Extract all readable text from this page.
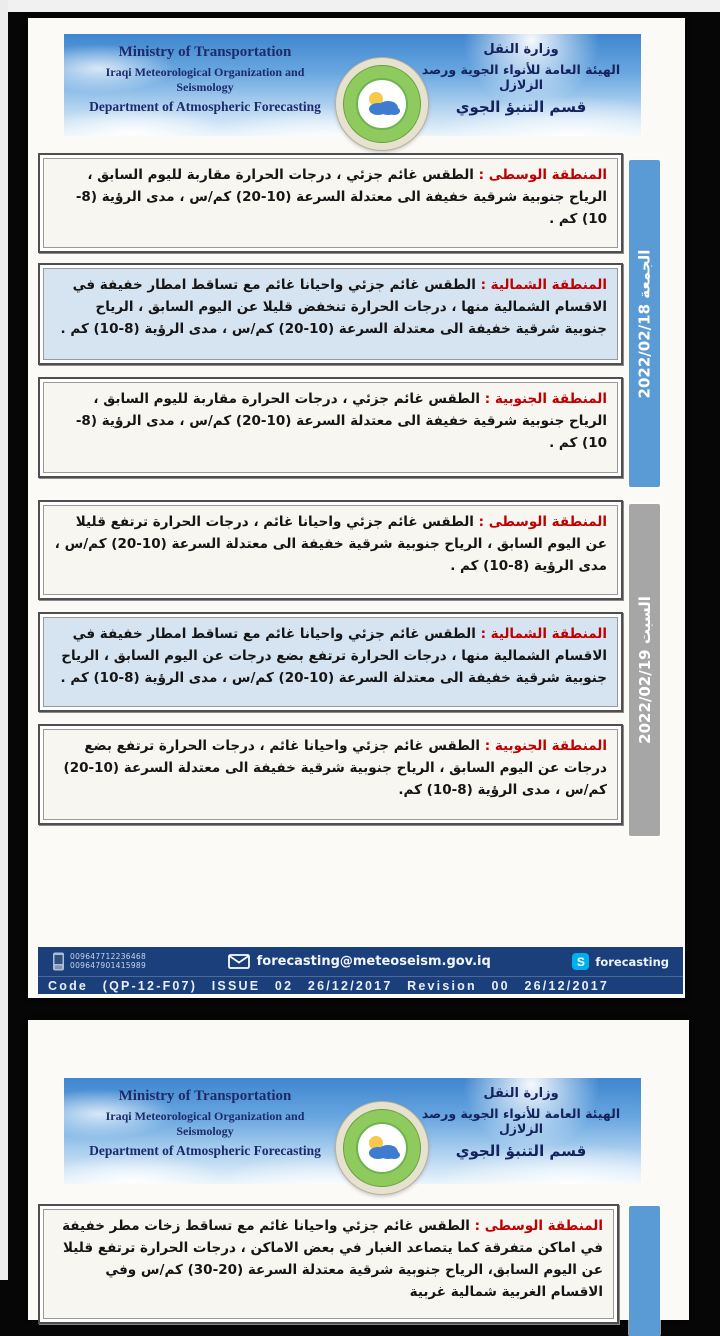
Ministry of Transportation
Iraqi Meteorological Organization and Seismology
Department of Atmospheric Forecasting
وزارة النقل
الهيئة العامة للأنواء الجوية ورصد الزلازل
قسم التنبؤ الجوي
المنطقة الوسطى : الطقس غائم جزئي ، درجات الحرارة مقاربة لليوم السابق ، الرياح جنوبية شرقية خفيفة الى معتدلة السرعة (10-20) كم/س ، مدى الرؤية (8-10) كم .
المنطقة الشمالية : الطقس غائم جزئي واحيانا غائم مع تساقط امطار خفيفة في الاقسام الشمالية منها ، درجات الحرارة تنخفض قليلا عن اليوم السابق ، الرياح جنوبية شرقية خفيفة الى معتدلة السرعة (10-20) كم/س ، مدى الرؤية (8-10) كم .
المنطقة الجنوبية : الطقس غائم جزئي ، درجات الحرارة مقاربة لليوم السابق ، الرياح جنوبية شرقية خفيفة الى معتدلة السرعة (10-20) كم/س ، مدى الرؤية (8-10) كم .
المنطقة الوسطى : الطقس غائم جزئي واحيانا غائم ، درجات الحرارة ترتفع قليلا عن اليوم السابق ، الرياح جنوبية شرقية خفيفة الى معتدلة السرعة (10-20) كم/س ، مدى الرؤية (8-10) كم .
المنطقة الشمالية : الطقس غائم جزئي واحيانا غائم مع تساقط امطار خفيفة في الاقسام الشمالية منها ، درجات الحرارة ترتفع بضع درجات عن اليوم السابق ، الرياح جنوبية شرقية خفيفة الى معتدلة السرعة (10-20) كم/س ، مدى الرؤية (8-10) كم .
المنطقة الجنوبية : الطقس غائم جزئي واحيانا غائم ، درجات الحرارة ترتفع بضع درجات عن اليوم السابق ، الرياح جنوبية شرقية خفيفة الى معتدلة السرعة (10-20) كم/س ، مدى الرؤية (8-10) كم.
الجمعة 2022/02/18
السبت 2022/02/19
009647712236468
009647901415989	forecasting@meteoseism.gov.iq	S forecasting
Code (QP-12-F07) ISSUE 02 26/12/2017 Revision 00 26/12/2017
Ministry of Transportation
Iraqi Meteorological Organization and Seismology
Department of Atmospheric Forecasting
وزارة النقل
الهيئة العامة للأنواء الجوية ورصد الزلازل
قسم التنبؤ الجوي
المنطقة الوسطى : الطقس غائم جزئي واحيانا غائم مع تساقط زخات مطر خفيفة في اماكن متفرقة كما يتصاعد الغبار في بعض الاماكن ، درجات الحرارة ترتفع قليلا عن اليوم السابق، الرياح جنوبية شرقية معتدلة السرعة (20-30) كم/س وفي الاقسام الغربية شمالية غربية
